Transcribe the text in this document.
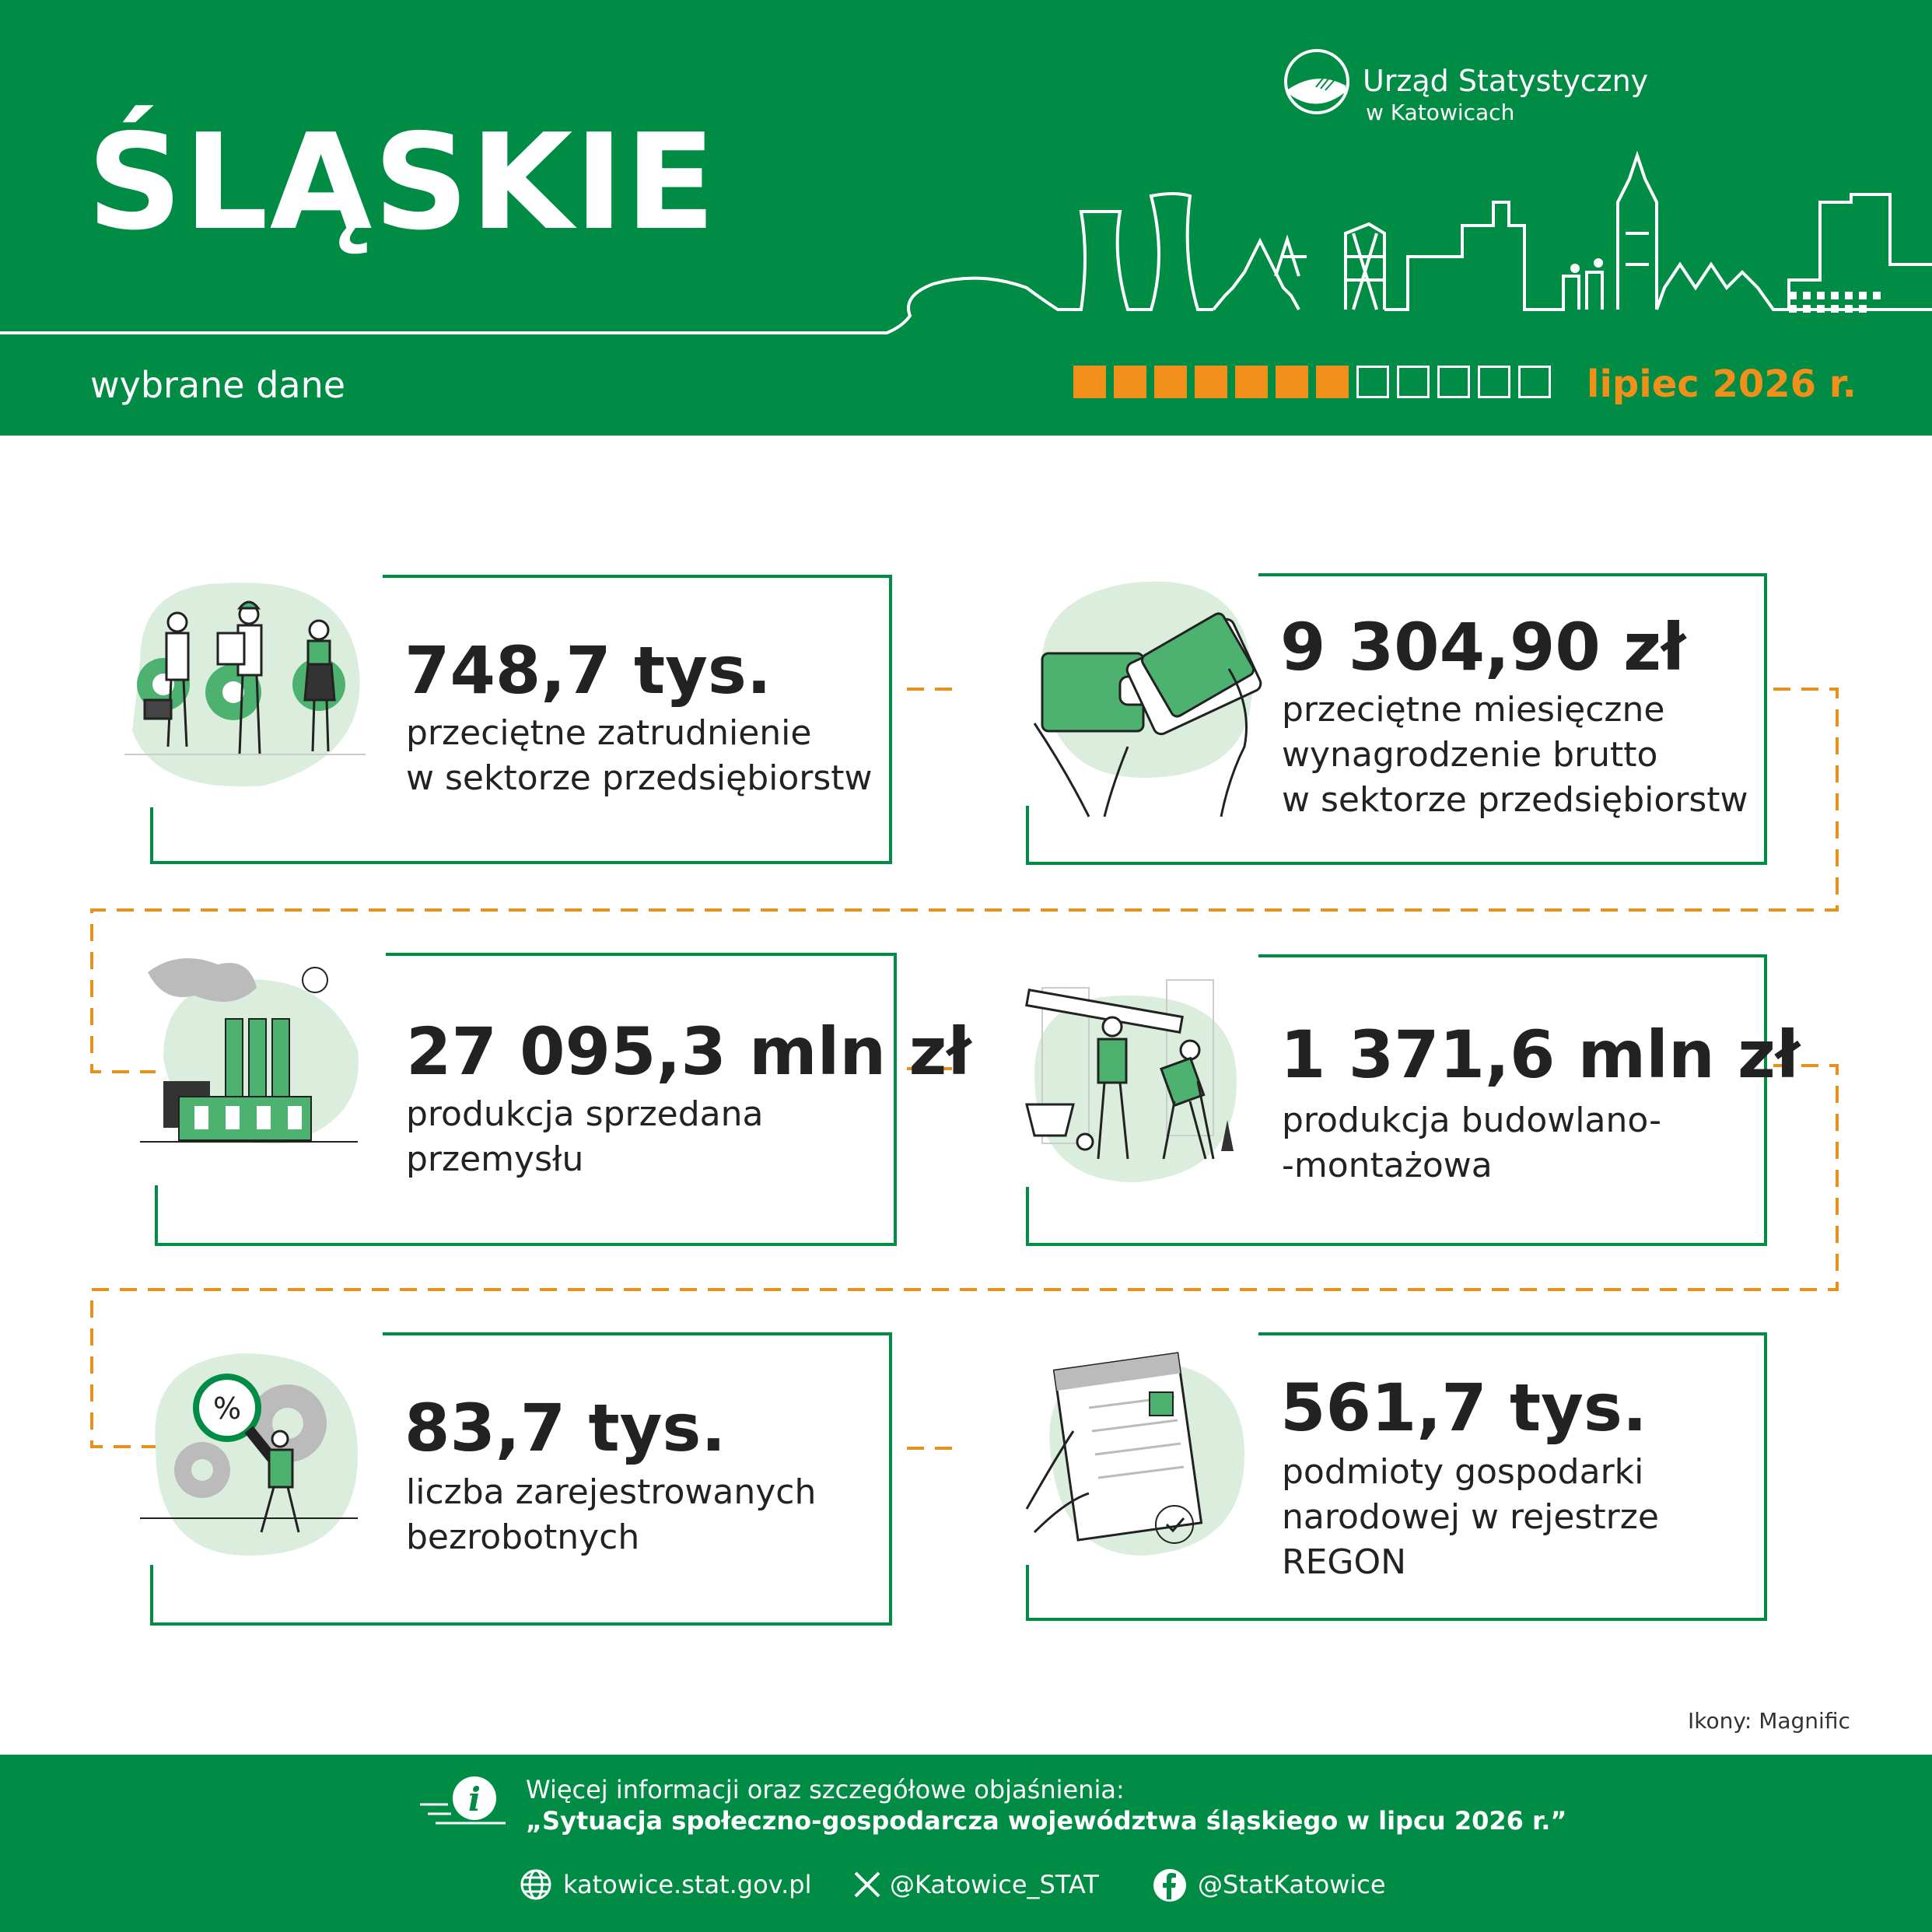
ŚLĄSKIE
wybrane dane
Urząd Statystyczny
w Katowicach
lipiec 2026 r.
748,7 tys.
przeciętne zatrudnienie
w sektorze przedsiębiorstw
9 304,90 zł
przeciętne miesięczne
wynagrodzenie brutto
w sektorze przedsiębiorstw
27 095,3 mln zł
produkcja sprzedana
przemysłu
1 371,6 mln zł
produkcja budowlano-
-montażowa
% 83,7 tys.
liczba zarejestrowanych
bezrobotnych
561,7 tys.
podmioty gospodarki
narodowej w rejestrze
REGON
Ikony: Magnific
i Więcej informacji oraz szczegółowe objaśnienia:
„Sytuacja społeczno-gospodarcza województwa śląskiego w lipcu 2026 r.”
katowice.stat.gov.pl	@Katowice_STAT	@StatKatowice
